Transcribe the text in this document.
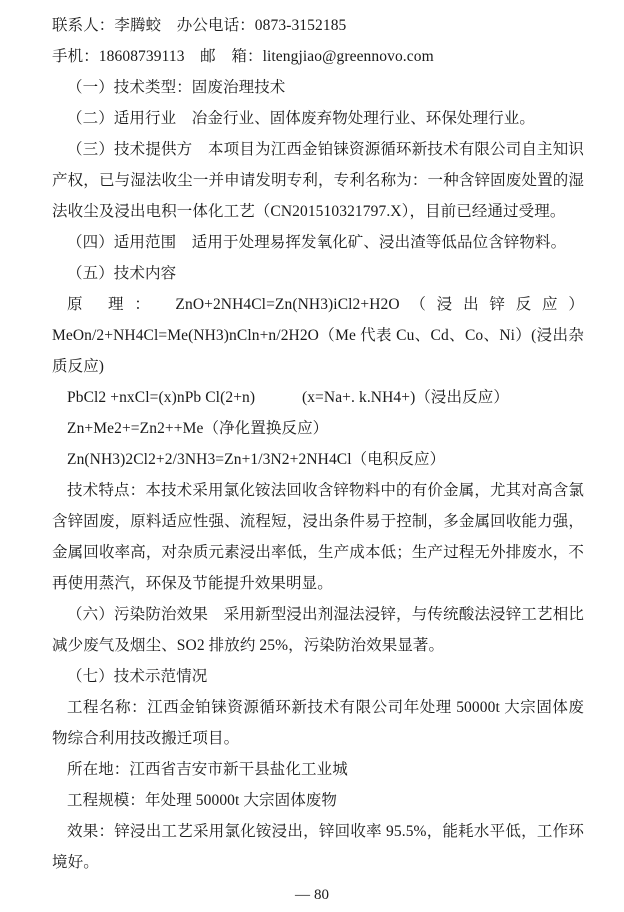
联系人：李腾蛟　办公电话：0873-3152185

手机：18608739113　邮　箱：litengjiao@greennovo.com

（一）技术类型：固废治理技术

（二）适用行业　冶金行业、固体废弃物处理行业、环保处理行业。

（三）技术提供方　本项目为江西金铂铼资源循环新技术有限公司自主知识产权，已与湿法收尘一并申请发明专利，专利名称为：一种含锌固废处置的湿法收尘及浸出电积一体化工艺（CN201510321797.X），目前已经通过受理。

（四）适用范围　适用于处理易挥发氧化矿、浸出渣等低品位含锌物料。

（五）技术内容

原 理： ZnO+2NH4Cl=Zn(NH3)iCl2+H2O（浸出锌反应）MeOn/2+NH4Cl=Me(NH3)nCln+n/2H2O（Me 代表 Cu、Cd、Co、Ni）(浸出杂质反应)

PbCl2 +nxCl=(x)nPb Cl(2+n)　　　(x=Na+. k.NH4+)（浸出反应）

Zn+Me2+=Zn2++Me（净化置换反应）

Zn(NH3)2Cl2+2/3NH3=Zn+1/3N2+2NH4Cl（电积反应）

技术特点：本技术采用氯化铵法回收含锌物料中的有价金属，尤其对高含氯含锌固废，原料适应性强、流程短，浸出条件易于控制，多金属回收能力强，金属回收率高，对杂质元素浸出率低，生产成本低；生产过程无外排废水，不再使用蒸汽，环保及节能提升效果明显。

（六）污染防治效果　采用新型浸出剂湿法浸锌，与传统酸法浸锌工艺相比减少废气及烟尘、SO2 排放约 25%，污染防治效果显著。

（七）技术示范情况

工程名称：江西金铂铼资源循环新技术有限公司年处理 50000t 大宗固体废物综合利用技改搬迁项目。

所在地：江西省吉安市新干县盐化工业城

工程规模：年处理 50000t 大宗固体废物

效果：锌浸出工艺采用氯化铵浸出，锌回收率 95.5%，能耗水平低，工作环境好。

— 80
